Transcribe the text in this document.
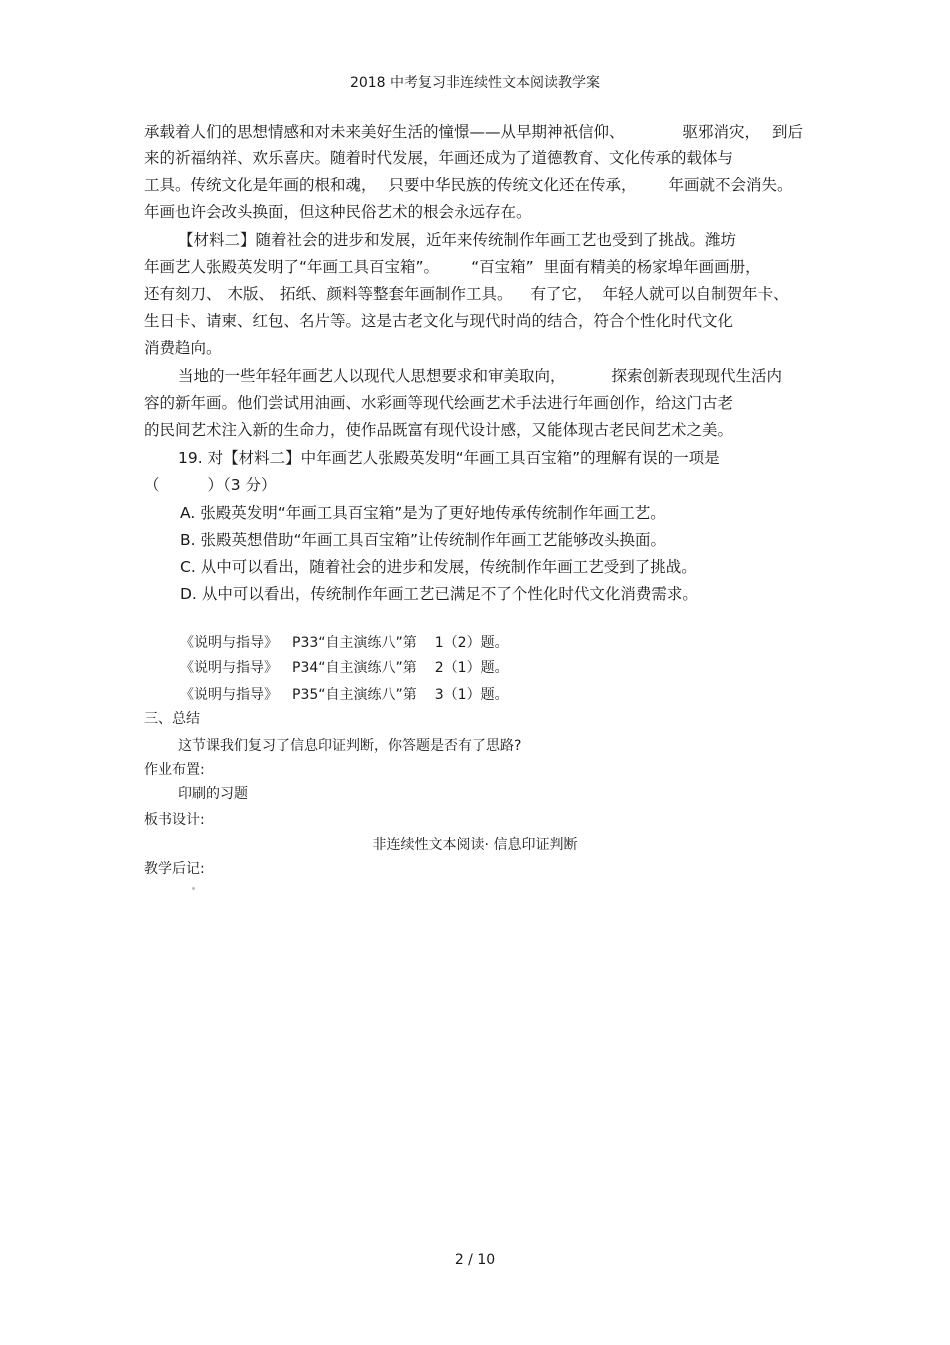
2018 中考复习非连续性文本阅读教学案
承载着人们的思想情感和对未来美好生活的憧憬——从早期神祇信仰、	驱邪消灾， 到后
来的祈福纳祥、欢乐喜庆。随着时代发展，年画还成为了道德教育、文化传承的载体与
工具。传统文化是年画的根和魂， 只要中华民族的传统文化还在传承， 年画就不会消失。
年画也许会改头换面，但这种民俗艺术的根会永远存在。
【材料二】随着社会的进步和发展，近年来传统制作年画工艺也受到了挑战。潍坊
年画艺人张殿英发明了“年画工具百宝箱”。 “百宝箱” 里面有精美的杨家埠年画画册，
还有刻刀、 木版、 拓纸、颜料等整套年画制作工具。 有了它， 年轻人就可以自制贺年卡、
生日卡、请柬、红包、名片等。这是古老文化与现代时尚的结合，符合个性化时代文化
消费趋向。
当地的一些年轻年画艺人以现代人思想要求和审美取向，	探索创新表现现代生活内
容的新年画。他们尝试用油画、水彩画等现代绘画艺术手法进行年画创作，给这门古老
的民间艺术注入新的生命力，使作品既富有现代设计感，又能体现古老民间艺术之美。
19. 对【材料二】中年画艺人张殿英发明“年画工具百宝箱”的理解有误的一项是
（	）（3 分）
A. 张殿英发明“年画工具百宝箱”是为了更好地传承传统制作年画工艺。
B. 张殿英想借助“年画工具百宝箱”让传统制作年画工艺能够改头换面。
C. 从中可以看出，随着社会的进步和发展，传统制作年画工艺受到了挑战。
D. 从中可以看出，传统制作年画工艺已满足不了个性化时代文化消费需求。
《说明与指导》 P33“自主演练八”第 1（2）题。
《说明与指导》 P34“自主演练八”第 2（1）题。
《说明与指导》 P35“自主演练八”第 3（1）题。
三、总结
这节课我们复习了信息印证判断，你答题是否有了思路?
作业布置:
印刷的习题
板书设计:
非连续性文本阅读· 信息印证判断
教学后记:
2 / 10
